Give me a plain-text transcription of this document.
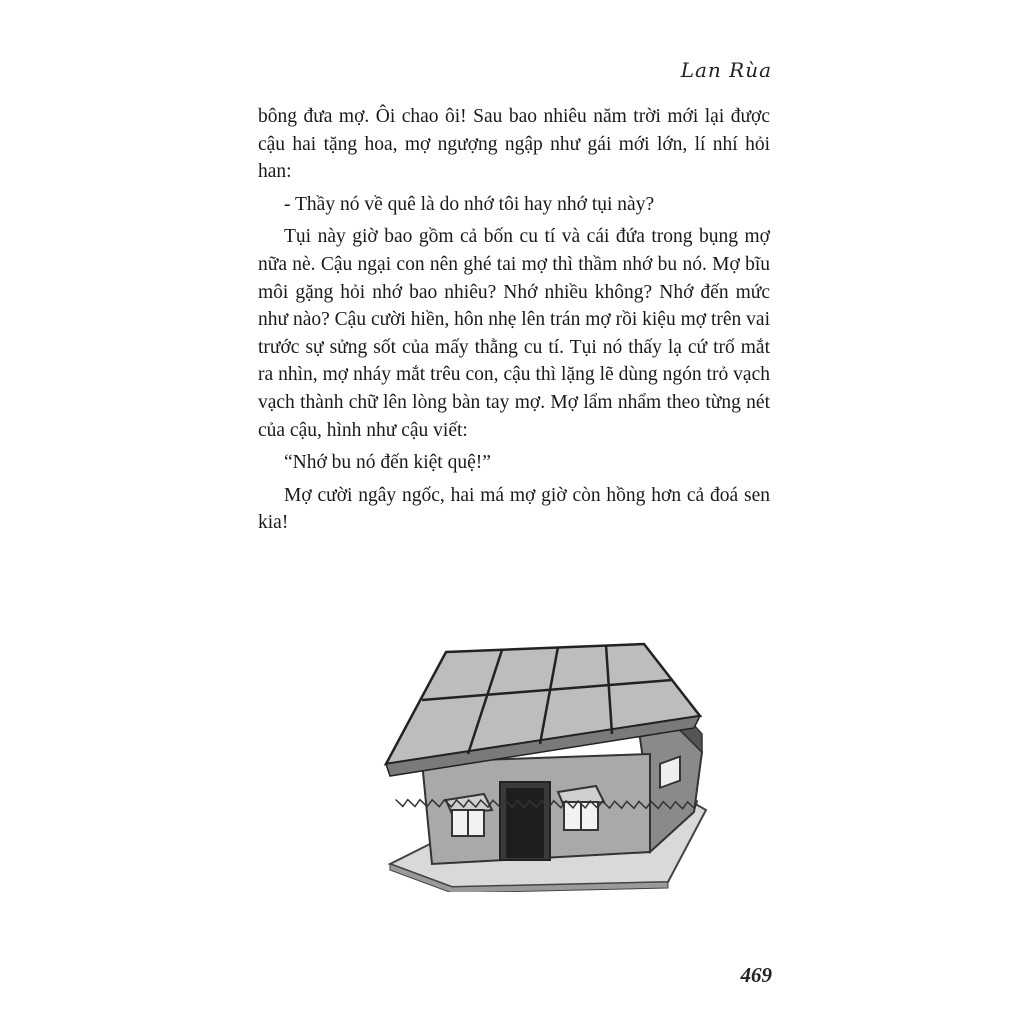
Lan Rùa

bông đưa mợ. Ôi chao ôi! Sau bao nhiêu năm trời mới lại được cậu hai tặng hoa, mợ ngượng ngập như gái mới lớn, lí nhí hỏi han:

- Thầy nó về quê là do nhớ tôi hay nhớ tụi này?

Tụi này giờ bao gồm cả bốn cu tí và cái đứa trong bụng mợ nữa nè. Cậu ngại con nên ghé tai mợ thì thầm nhớ bu nó. Mợ bĩu môi gặng hỏi nhớ bao nhiêu? Nhớ nhiều không? Nhớ đến mức như nào? Cậu cười hiền, hôn nhẹ lên trán mợ rồi kiệu mợ trên vai trước sự sửng sốt của mấy thằng cu tí. Tụi nó thấy lạ cứ trố mắt ra nhìn, mợ nháy mắt trêu con, cậu thì lặng lẽ dùng ngón trỏ vạch vạch thành chữ lên lòng bàn tay mợ. Mợ lẩm nhẩm theo từng nét của cậu, hình như cậu viết:

“Nhớ bu nó đến kiệt quệ!”

Mợ cười ngây ngốc, hai má mợ giờ còn hồng hơn cả đoá sen kia!

469
